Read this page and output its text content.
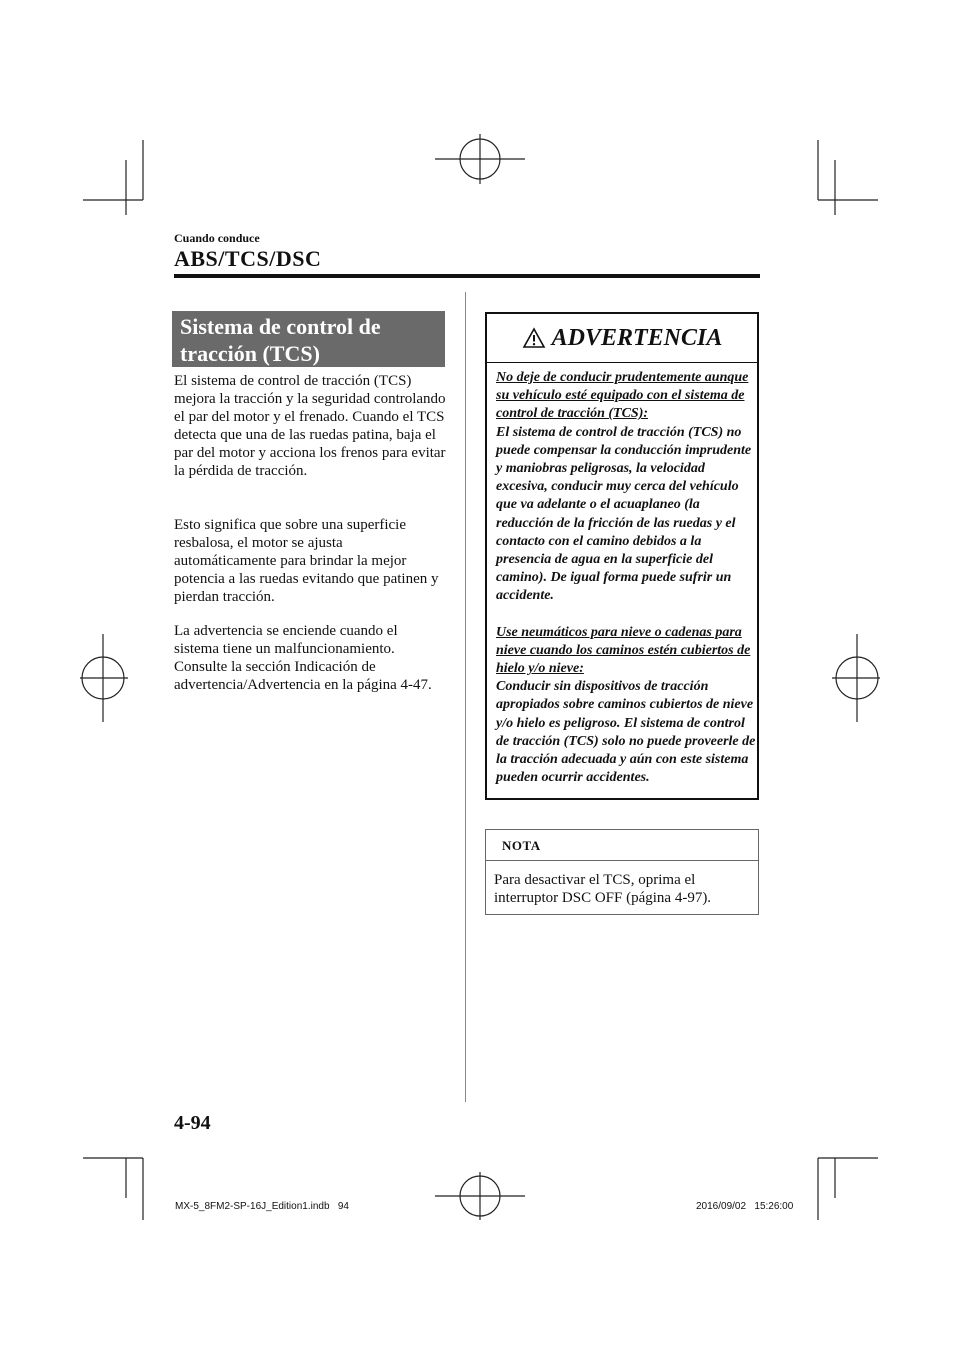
Cuando conduce
ABS/TCS/DSC
Sistema de control de
tracción (TCS)

El sistema de control de tracción (TCS) mejora la tracción y la seguridad controlando el par del motor y el frenado. Cuando el TCS detecta que una de las ruedas patina, baja el par del motor y acciona los frenos para evitar la pérdida de tracción.

Esto significa que sobre una superficie resbalosa, el motor se ajusta automáticamente para brindar la mejor potencia a las ruedas evitando que patinen y pierdan tracción.

La advertencia se enciende cuando el sistema tiene un malfuncionamiento. Consulte la sección Indicación de advertencia/Advertencia en la página 4-47.

ADVERTENCIA

No deje de conducir prudentemente aunque su vehículo esté equipado con el sistema de control de tracción (TCS):

El sistema de control de tracción (TCS) no puede compensar la conducción imprudente y maniobras peligrosas, la velocidad excesiva, conducir muy cerca del vehículo que va adelante o el acuaplaneo (la reducción de la fricción de las ruedas y el contacto con el camino debidos a la presencia de agua en la superficie del camino). De igual forma puede sufrir un accidente.

Use neumáticos para nieve o cadenas para nieve cuando los caminos estén cubiertos de hielo y/o nieve:

Conducir sin dispositivos de tracción apropiados sobre caminos cubiertos de nieve y/o hielo es peligroso. El sistema de control de tracción (TCS) solo no puede proveerle de la tracción adecuada y aún con este sistema pueden ocurrir accidentes.

NOTA
Para desactivar el TCS, oprima el interruptor DSC OFF (página 4-97).
4-94
MX-5_8FM2-SP-16J_Edition1.indb   94	2016/09/02   15:26:00
